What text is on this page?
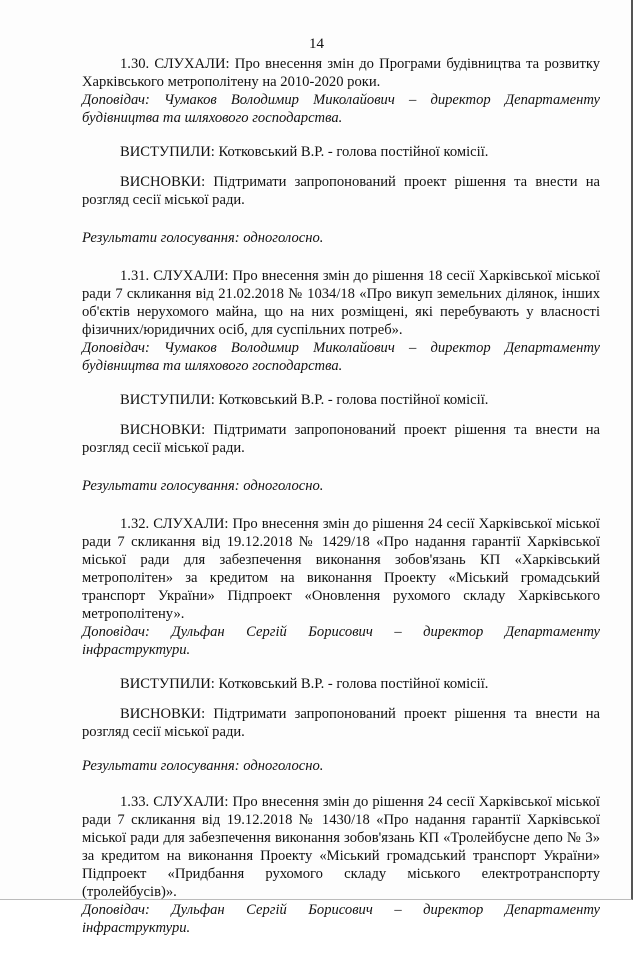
14

1.30. СЛУХАЛИ: Про внесення змін до Програми будівництва та розвитку Харківського метрополітену на 2010-2020 роки.

Доповідач: Чумаков Володимир Миколайович – директор Департаменту будівництва та шляхового господарства.

ВИСТУПИЛИ: Котковський В.Р. - голова постійної комісії.

ВИСНОВКИ: Підтримати запропонований проект рішення та внести на розгляд сесії міської ради.

Результати голосування: одноголосно.

1.31. СЛУХАЛИ: Про внесення змін до рішення 18 сесії Харківської міської ради 7 скликання від 21.02.2018 № 1034/18 «Про викуп земельних ділянок, інших об'єктів нерухомого майна, що на них розміщені, які перебувають у власності фізичних/юридичних осіб, для суспільних потреб».

Доповідач: Чумаков Володимир Миколайович – директор Департаменту будівництва та шляхового господарства.

ВИСТУПИЛИ: Котковський В.Р. - голова постійної комісії.

ВИСНОВКИ: Підтримати запропонований проект рішення та внести на розгляд сесії міської ради.

Результати голосування: одноголосно.

1.32. СЛУХАЛИ: Про внесення змін до рішення 24 сесії Харківської міської ради 7 скликання від 19.12.2018 № 1429/18 «Про надання гарантії Харківської міської ради для забезпечення виконання зобов'язань КП «Харківський метрополітен» за кредитом на виконання Проекту «Міський громадський транспорт України» Підпроект «Оновлення рухомого складу Харківського метрополітену».

Доповідач: Дульфан Сергій Борисович – директор Департаменту інфраструктури.

ВИСТУПИЛИ: Котковський В.Р. - голова постійної комісії.

ВИСНОВКИ: Підтримати запропонований проект рішення та внести на розгляд сесії міської ради.

Результати голосування: одноголосно.

1.33. СЛУХАЛИ: Про внесення змін до рішення 24 сесії Харківської міської ради 7 скликання від 19.12.2018 № 1430/18 «Про надання гарантії Харківської міської ради для забезпечення виконання зобов'язань КП «Тролейбусне депо № 3» за кредитом на виконання Проекту «Міський громадський транспорт України» Підпроект «Придбання рухомого складу міського електротранспорту (тролейбусів)».

Доповідач: Дульфан Сергій Борисович – директор Департаменту інфраструктури.
